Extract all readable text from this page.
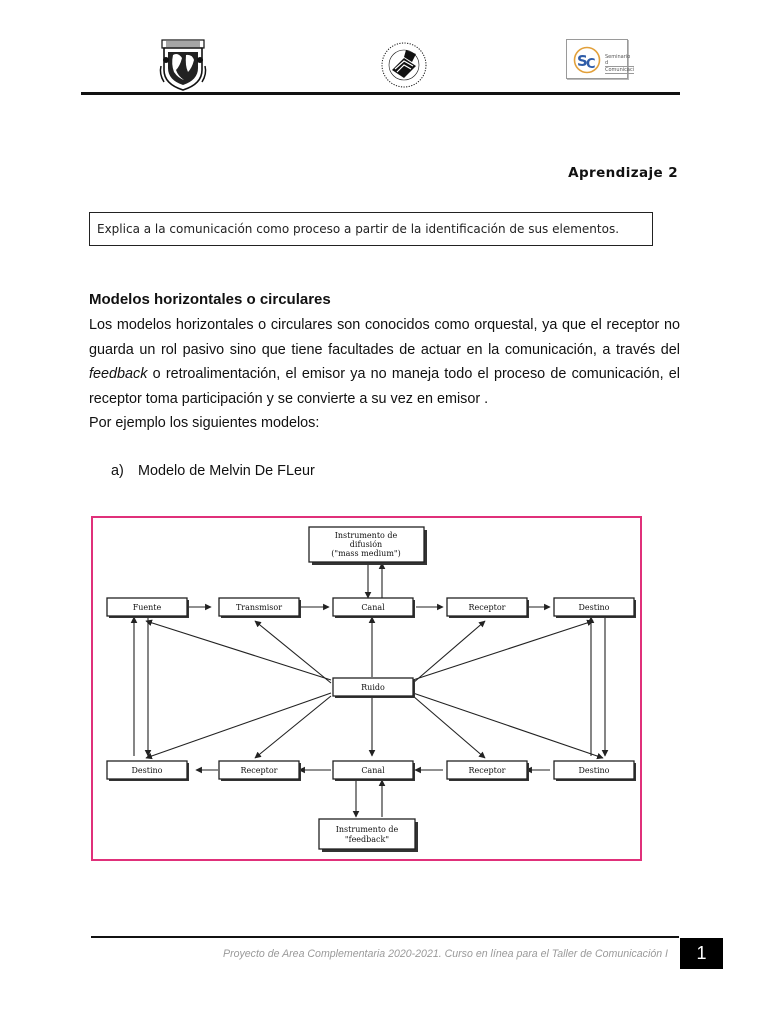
S
C Seminario d
Comunicaci
Aprendizaje 2
Explica a la comunicación como proceso a partir de la identificación de sus elementos.
Modelos horizontales o circulares

Los modelos horizontales o circulares son conocidos como orquestal, ya que el receptor no guarda un rol pasivo sino que tiene facultades de actuar en la comunicación, a través del feedback o retroalimentación, el emisor ya no maneja todo el proceso de comunicación, el receptor toma participación y se convierte a su vez en emisor .

Por ejemplo los siguientes modelos:

a) Modelo de Melvin De FLeur
Instrumento de
difusión
("mass medium")
Fuente	Transmisor	Canal	Receptor	Destino
Ruido
Destino	Receptor	Canal	Receptor	Destino
Instrumento de
"feedback"
Proyecto de Area Complementaria 2020-2021. Curso en línea para el Taller de Comunicación I	1
